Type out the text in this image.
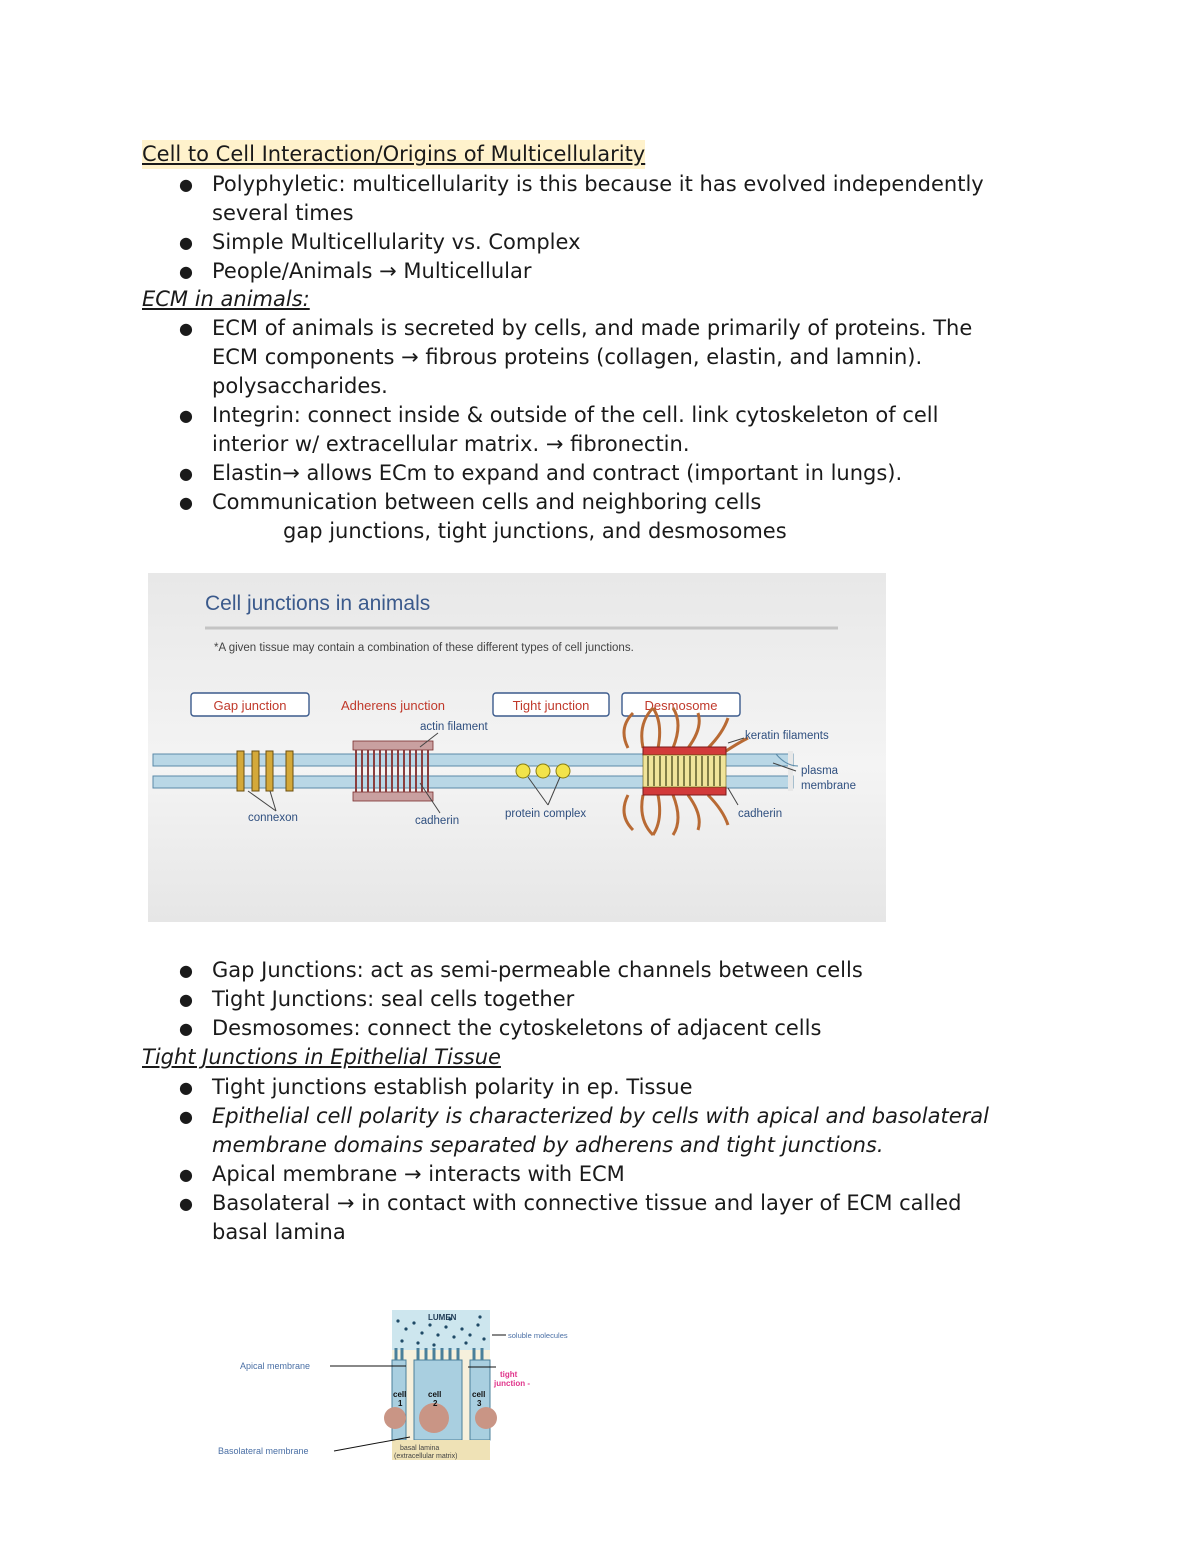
Cell to Cell Interaction/Origins of Multicellularity
● Polyphyletic: multicellularity is this because it has evolved independently
several times
● Simple Multicellularity vs. Complex
● People/Animals → Multicellular
ECM in animals:
● ECM of animals is secreted by cells, and made primarily of proteins. The
ECM components → fibrous proteins (collagen, elastin, and lamnin).
polysaccharides.
● Integrin: connect inside & outside of the cell. link cytoskeleton of cell
interior w/ extracellular matrix. → fibronectin.
● Elastin→ allows ECm to expand and contract (important in lungs).
● Communication between cells and neighboring cells
gap junctions, tight junctions, and desmosomes
Cell junctions in animals
*A given tissue may contain a combination of these different types of cell junctions.
Gap junction	Adherens junction	Tight junction	Desmosome
actin filament
keratin filaments
plasma
membrane
connexon	cadherin
protein complex	cadherin
● Gap Junctions: act as semi-permeable channels between cells
● Tight Junctions: seal cells together
● Desmosomes: connect the cytoskeletons of adjacent cells
Tight Junctions in Epithelial Tissue
● Tight junctions establish polarity in ep. Tissue
● Epithelial cell polarity is characterized by cells with apical and basolateral
membrane domains separated by adherens and tight junctions.
● Apical membrane → interacts with ECM
● Basolateral → in contact with connective tissue and layer of ECM called
basal lamina
LUMEN
cell
1
cell
2
cell
3
basal lamina
(extracellular matrix)
soluble molecules
Apical membrane
Basolateral membrane
tight
junction -
